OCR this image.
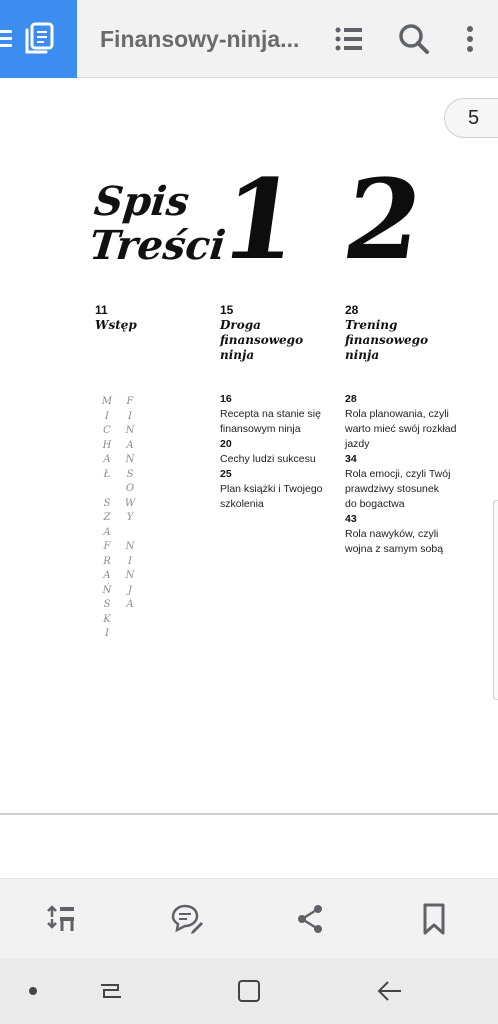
Finansowy-ninja...
5
Spis
Treści
1 2
11
Wstęp
15
Droga
finansowego
ninja
28
Trening
finansowego
ninja
M
I
C
H
A
Ł

S
Z
A
F
R
A
Ń
S
K
I
F
I
N
A
N
S
O
W
Y

N
I
N
J
A
16
Recepta na stanie się
finansowym ninja
20
Cechy ludzi sukcesu
25
Plan książki i Twojego
szkolenia
28
Rola planowania, czyli
warto mieć swój rozkład
jazdy
34
Rola emocji, czyli Twój
prawdziwy stosunek
do bogactwa
43
Rola nawyków, czyli
wojna z samym sobą
